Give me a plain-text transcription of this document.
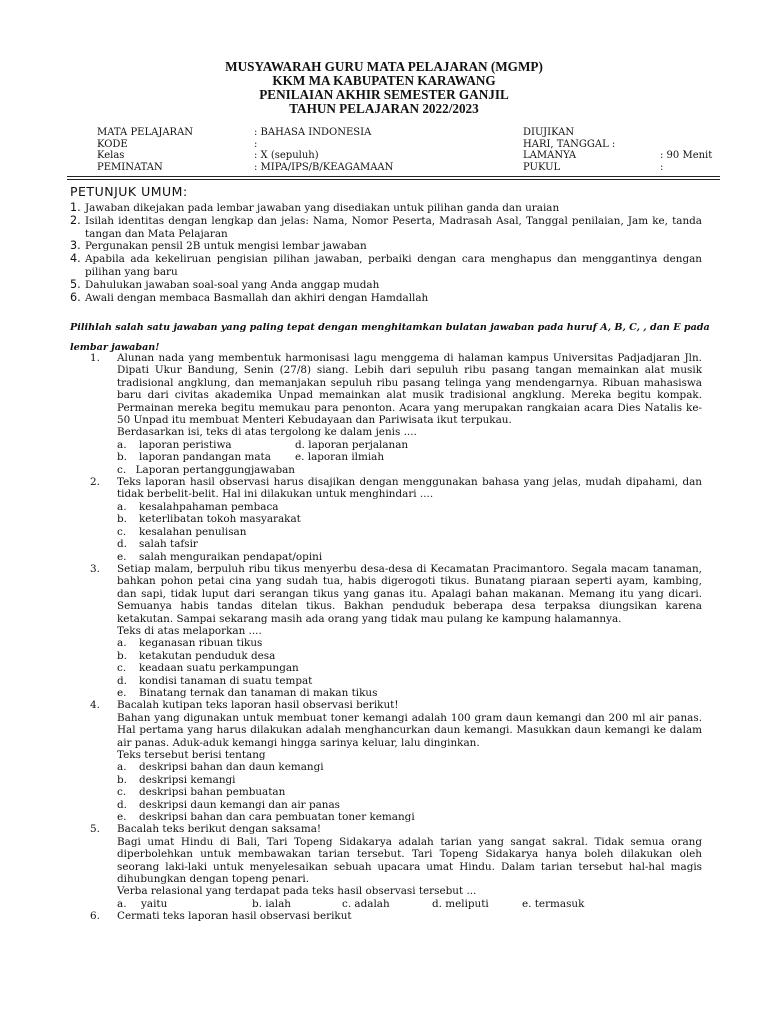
MUSYAWARAH GURU MATA PELAJARAN (MGMP)
KKM MA KABUPATEN KARAWANG
PENILAIAN AKHIR SEMESTER GANJIL
TAHUN PELAJARAN 2022/2023
MATA PELAJARAN	: BAHASA INDONESIA	DIUJIKAN
KODE	:	HARI, TANGGAL :
Kelas	: X (sepuluh)	LAMANYA	: 90 Menit
PEMINATAN	: MIPA/IPS/B/KEAGAMAAN	PUKUL	:
PETUNJUK UMUM:
1. Jawaban dikejakan pada lembar jawaban yang disediakan untuk pilihan ganda dan uraian
2. Isilah identitas dengan lengkap dan jelas: Nama, Nomor Peserta, Madrasah Asal, Tanggal penilaian, Jam ke, tanda tangan dan Mata Pelajaran
3. Pergunakan pensil 2B untuk mengisi lembar jawaban
4. Apabila ada kekeliruan pengisian pilihan jawaban, perbaiki dengan cara menghapus dan menggantinya dengan pilihan yang baru
5. Dahulukan jawaban soal-soal yang Anda anggap mudah
6. Awali dengan membaca Basmallah dan akhiri dengan Hamdallah
Pilihlah salah satu jawaban yang paling tepat dengan menghitamkan bulatan jawaban pada huruf A, B, C, , dan E pada lembar jawaban!
1.	Alunan nada yang membentuk harmonisasi lagu menggema di halaman kampus Universitas Padjadjaran Jln. Dipati Ukur Bandung, Senin (27/8) siang. Lebih dari sepuluh ribu pasang tangan memainkan alat musik tradisional angklung, dan memanjakan sepuluh ribu pasang telinga yang mendengarnya. Ribuan mahasiswa baru dari civitas akademika Unpad memainkan alat musik tradisional angklung. Mereka begitu kompak. Permainan mereka begitu memukau para penonton. Acara yang merupakan rangkaian acara Dies Natalis ke-50 Unpad itu membuat Menteri Kebudayaan dan Pariwisata ikut terpukau.

Berdasarkan isi, teks di atas tergolong ke dalam jenis ....

a.	laporan peristiwa	d. laporan perjalanan
b.	laporan pandangan mata e. laporan ilmiah
c. Laporan pertanggungjawaban
2.	Teks laporan hasil observasi harus disajikan dengan menggunakan bahasa yang jelas, mudah dipahami, dan tidak berbelit-belit. Hal ini dilakukan untuk menghindari ....

a.	kesalahpahaman pembaca
b.	keterlibatan tokoh masyarakat
c.	kesalahan penulisan
d.	salah tafsir
e.	salah menguraikan pendapat/opini
3.	Setiap malam, berpuluh ribu tikus menyerbu desa-desa di Kecamatan Pracimantoro. Segala macam tanaman, bahkan pohon petai cina yang sudah tua, habis digerogoti tikus. Bunatang piaraan seperti ayam, kambing, dan sapi, tidak luput dari serangan tikus yang ganas itu. Apalagi bahan makanan. Memang itu yang dicari. Semuanya habis tandas ditelan tikus. Bakhan penduduk beberapa desa terpaksa diungsikan karena ketakutan. Sampai sekarang masih ada orang yang tidak mau pulang ke kampung halamannya.

Teks di atas melaporkan ....

a.	keganasan ribuan tikus
b.	ketakutan penduduk desa
c.	keadaan suatu perkampungan
d.	kondisi tanaman di suatu tempat
e.	Binatang ternak dan tanaman di makan tikus
4.	Bacalah kutipan teks laporan hasil observasi berikut!

Bahan yang digunakan untuk membuat toner kemangi adalah 100 gram daun kemangi dan 200 ml air panas. Hal pertama yang harus dilakukan adalah menghancurkan daun kemangi. Masukkan daun kemangi ke dalam air panas. Aduk-aduk kemangi hingga sarinya keluar, lalu dinginkan.

Teks tersebut berisi tentang

a.	deskripsi bahan dan daun kemangi
b.	deskripsi kemangi
c.	deskripsi bahan pembuatan
d.	deskripsi daun kemangi dan air panas
e.	deskripsi bahan dan cara pembuatan toner kemangi
5.	Bacalah teks berikut dengan saksama!

Bagi umat Hindu di Bali, Tari Topeng Sidakarya adalah tarian yang sangat sakral. Tidak semua orang diperbolehkan untuk membawakan tarian tersebut. Tari Topeng Sidakarya hanya boleh dilakukan oleh seorang laki-laki untuk menyelesaikan sebuah upacara umat Hindu. Dalam tarian tersebut hal-hal magis dihubungkan dengan topeng penari.

Verba relasional yang terdapat pada teks hasil observasi tersebut ...

a.	yaitu	b. ialah	c. adalah	d. meliputi	e. termasuk
6.	Cermati teks laporan hasil observasi berikut
